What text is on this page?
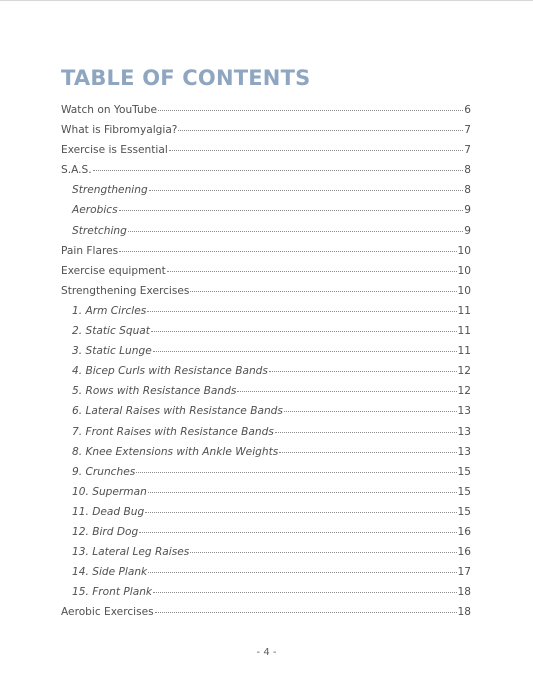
TABLE OF CONTENTS
Watch on YouTube	6
What is Fibromyalgia?	7
Exercise is Essential	7
S.A.S.	8
Strengthening	8
Aerobics	9
Stretching	9
Pain Flares	10
Exercise equipment	10
Strengthening Exercises	10
1. Arm Circles	11
2. Static Squat	11
3. Static Lunge	11
4. Bicep Curls with Resistance Bands	12
5. Rows with Resistance Bands	12
6. Lateral Raises with Resistance Bands	13
7. Front Raises with Resistance Bands	13
8. Knee Extensions with Ankle Weights	13
9. Crunches	15
10. Superman	15
11. Dead Bug	15
12. Bird Dog	16
13. Lateral Leg Raises	16
14. Side Plank	17
15. Front Plank	18
Aerobic Exercises	18
- 4 -
